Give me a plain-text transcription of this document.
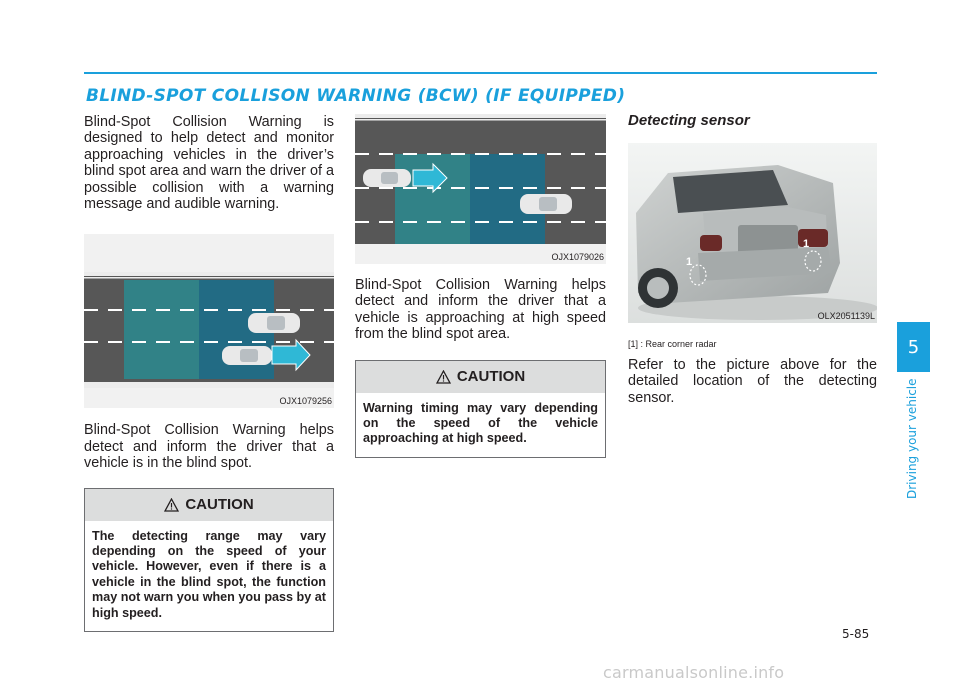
BLIND-SPOT COLLISON WARNING (BCW) (IF EQUIPPED)

Blind-Spot Collision Warning is designed to help detect and monitor approaching vehicles in the driver’s blind spot area and warn the driver of a possible collision with a warning message and audible warning.

OJX1079256

Blind-Spot Collision Warning helps detect and inform the driver that a vehicle is in the blind spot.

CAUTION

The detecting range may vary depending on the speed of your vehicle. However, even if there is a vehicle in the blind spot, the function may not warn you when you pass by at high speed.

OJX1079026

Blind-Spot Collision Warning helps detect and inform the driver that a vehicle is approaching at high speed from the blind spot area.

CAUTION

Warning timing may vary depending on the speed of the vehicle approaching at high speed.

Detecting sensor
1
1
OLX2051139L

[1] : Rear corner radar

Refer to the picture above for the detailed location of the detecting sensor.

5
Driving your vehicle
5-85
carmanualsonline.info
